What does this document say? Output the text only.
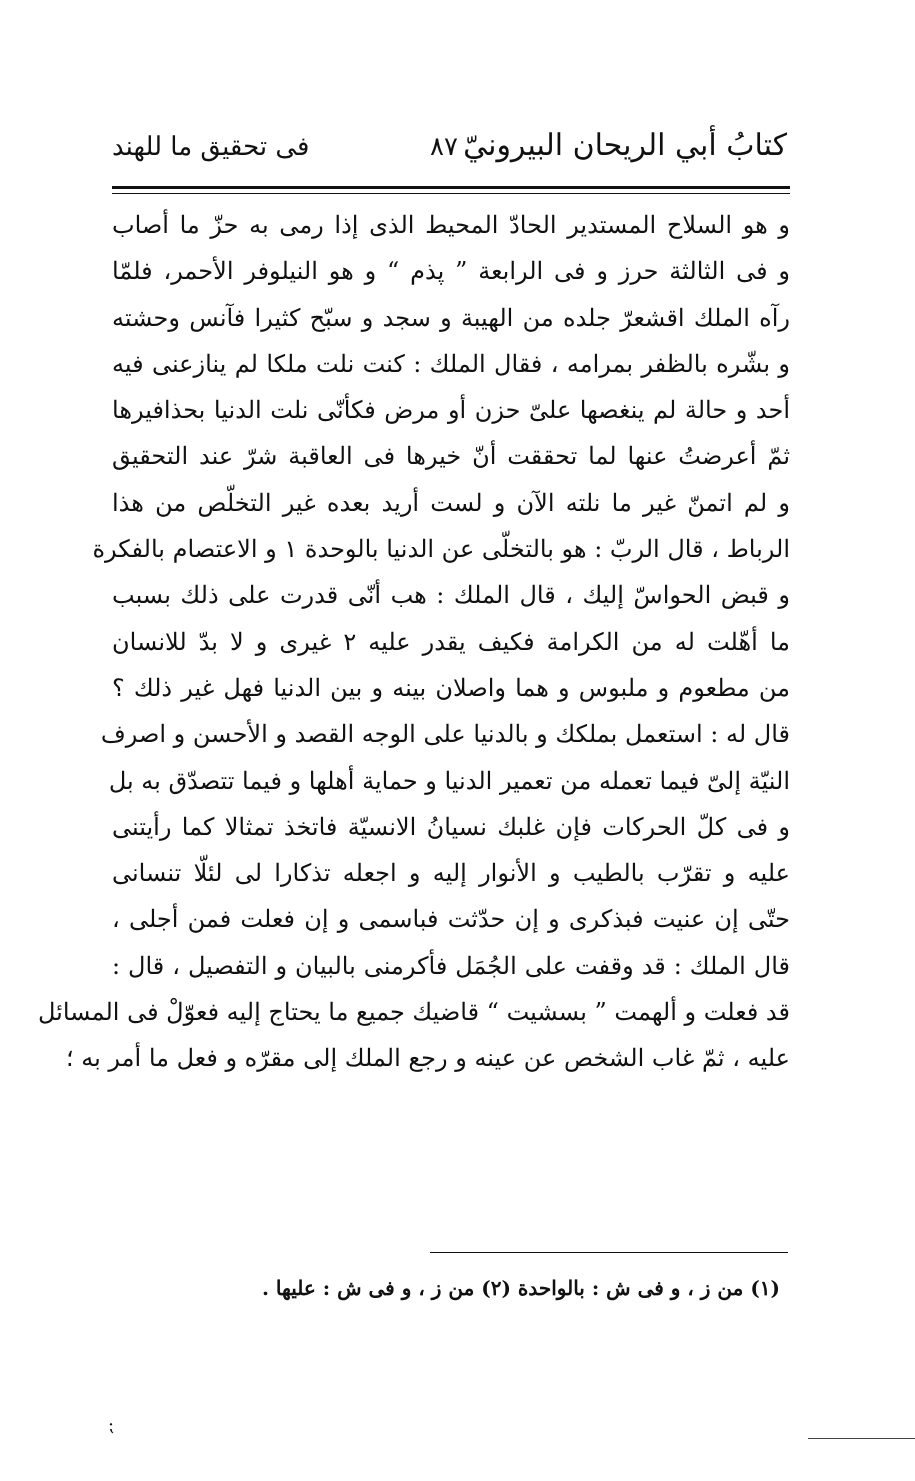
كتابُ أبي الريحان البيرونيّ
٨٧
فى تحقيق ما للهند
و هو السلاح المستدير الحادّ المحيط الذى إذا رمى به حزّ ما أصاب
و فى الثالثة حرز و فى الرابعة ” پذم “ و هو النيلوفر الأحمر، فلمّا
رآه الملك اقشعرّ جلده من الهيبة و سجد و سبّح كثيرا فآنس وحشته
و بشّره بالظفر بمرامه ، فقال الملك : كنت نلت ملكا لم ينازعنى فيه
أحد و حالة لم ينغصها علىّ حزن أو مرض فكأنّى نلت الدنيا بحذافيرها
ثمّ أعرضتُ عنها لما تحققت أنّ خيرها فى العاقبة شرّ عند التحقيق
و لم اتمنّ غير ما نلته الآن و لست أريد بعده غير التخلّص من هذا
الرباط ، قال الربّ : هو بالتخلّى عن الدنيا بالوحدة ١ و الاعتصام بالفكرة
و قبض الحواسّ إليك ، قال الملك : هب أنّى قدرت على ذلك بسبب
ما أهّلت له من الكرامة فكيف يقدر عليه ٢ غيرى و لا بدّ للانسان
من مطعوم و ملبوس و هما واصلان بينه و بين الدنيا فهل غير ذلك ؟
قال له : استعمل بملكك و بالدنيا على الوجه القصد و الأحسن و اصرف
النيّة إلىّ فيما تعمله من تعمير الدنيا و حماية أهلها و فيما تتصدّق به بل
و فى كلّ الحركات فإن غلبك نسيانُ الانسيّة فاتخذ تمثالا كما رأيتنى
عليه و تقرّب بالطيب و الأنوار إليه و اجعله تذكارا لى لئلّا تنسانى
حتّى إن عنيت فبذكرى و إن حدّثت فباسمى و إن فعلت فمن أجلى ،
قال الملك : قد وقفت على الجُمَل فأكرمنى بالبيان و التفصيل ، قال :
قد فعلت و ألهمت ” بسشيت “ قاضيك جميع ما يحتاج إليه فعوّلْ فى المسائل
عليه ، ثمّ غاب الشخص عن عينه و رجع الملك إلى مقرّه و فعل ما أمر به ؛
(١) من ز ، و فى ش : بالواحدة (٢) من ز ، و فى ش : عليها .
⁏
